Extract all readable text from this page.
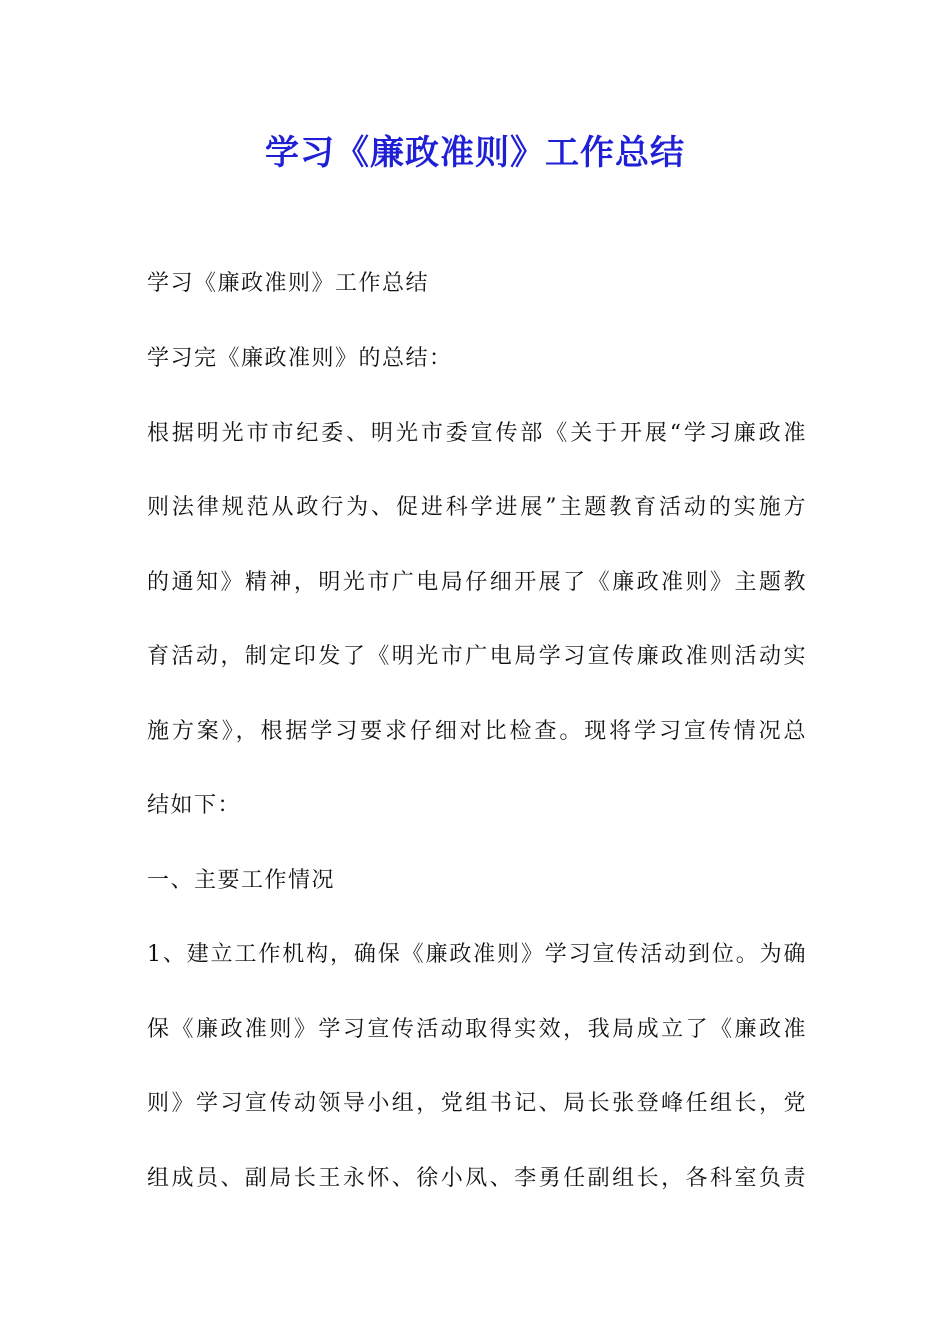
学习《廉政准则》工作总结
学习《廉政准则》工作总结
学习完《廉政准则》的总结：
根据明光市市纪委、明光市委宣传部《关于开展“学习廉政准
则法律规范从政行为、促进科学进展”主题教育活动的实施方
的通知》精神，明光市广电局仔细开展了《廉政准则》主题教
育活动，制定印发了《明光市广电局学习宣传廉政准则活动实
施方案》，根据学习要求仔细对比检查。现将学习宣传情况总
结如下：
一、主要工作情况
1、建立工作机构，确保《廉政准则》学习宣传活动到位。为确
保《廉政准则》学习宣传活动取得实效，我局成立了《廉政准
则》学习宣传动领导小组，党组书记、局长张登峰任组长，党
组成员、副局长王永怀、徐小凤、李勇任副组长，各科室负责
